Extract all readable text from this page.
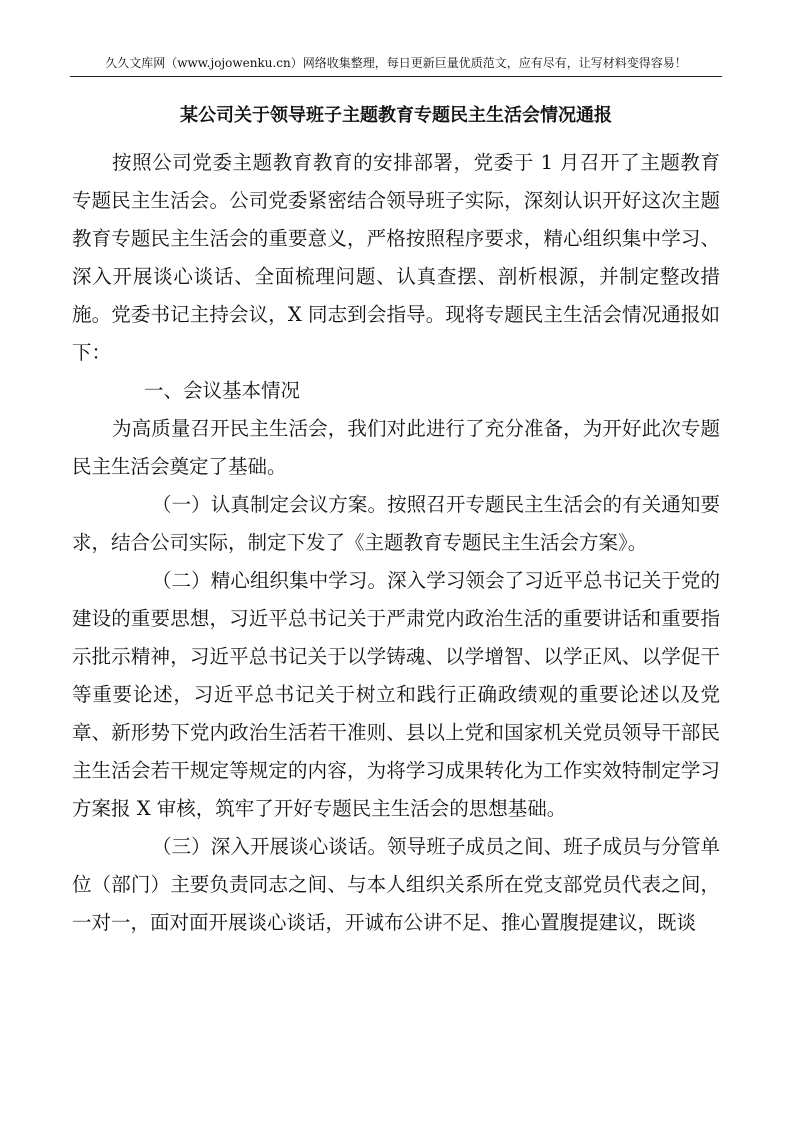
久久文库网（www.jojowenku.cn）网络收集整理，每日更新巨量优质范文，应有尽有，让写材料变得容易！
某公司关于领导班子主题教育专题民主生活会情况通报

按照公司党委主题教育教育的安排部署，党委于 1 月召开了主题教育专题民主生活会。公司党委紧密结合领导班子实际，深刻认识开好这次主题教育专题民主生活会的重要意义，严格按照程序要求，精心组织集中学习、深入开展谈心谈话、全面梳理问题、认真查摆、剖析根源，并制定整改措施。党委书记主持会议，X 同志到会指导。现将专题民主生活会情况通报如下：

一、会议基本情况

为高质量召开民主生活会，我们对此进行了充分准备，为开好此次专题民主生活会奠定了基础。

（一）认真制定会议方案。按照召开专题民主生活会的有关通知要求，结合公司实际，制定下发了《主题教育专题民主生活会方案》。

（二）精心组织集中学习。深入学习领会了习近平总书记关于党的建设的重要思想，习近平总书记关于严肃党内政治生活的重要讲话和重要指示批示精神，习近平总书记关于以学铸魂、以学增智、以学正风、以学促干等重要论述，习近平总书记关于树立和践行正确政绩观的重要论述以及党章、新形势下党内政治生活若干准则、县以上党和国家机关党员领导干部民主生活会若干规定等规定的内容，为将学习成果转化为工作实效特制定学习方案报 X 审核，筑牢了开好专题民主生活会的思想基础。

（三）深入开展谈心谈话。领导班子成员之间、班子成员与分管单位（部门）主要负责同志之间、与本人组织关系所在党支部党员代表之间，一对一，面对面开展谈心谈话，开诚布公讲不足、推心置腹提建议，既谈
